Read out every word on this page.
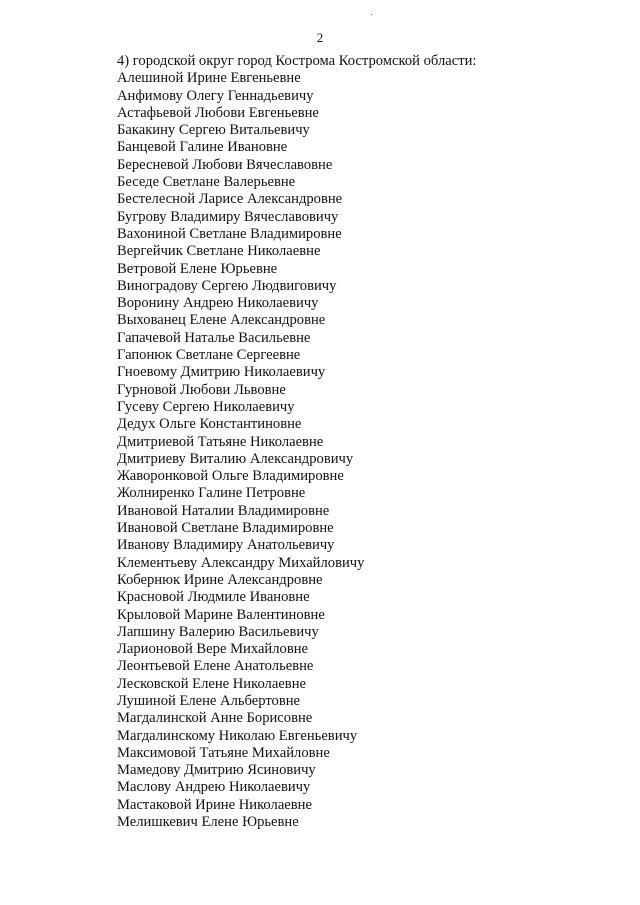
2
4) городской округ город Кострома Костромской области:
Алешиной Ирине Евгеньевне
Анфимову Олегу Геннадьевичу
Астафьевой Любови Евгеньевне
Бакакину Сергею Витальевичу
Банцевой Галине Ивановне
Бересневой Любови Вячеславовне
Беседе Светлане Валерьевне
Бестелесной Ларисе Александровне
Бугрову Владимиру Вячеславовичу
Вахониной Светлане Владимировне
Вергейчик Светлане Николаевне
Ветровой Елене Юрьевне
Виноградову Сергею Людвиговичу
Воронину Андрею Николаевичу
Выхованец Елене Александровне
Гапачевой Наталье Васильевне
Гапонюк Светлане Сергеевне
Гноевому Дмитрию Николаевичу
Гурновой Любови Львовне
Гусеву Сергею Николаевичу
Дедух Ольге Константиновне
Дмитриевой Татьяне Николаевне
Дмитриеву Виталию Александровичу
Жаворонковой Ольге Владимировне
Жолниренко Галине Петровне
Ивановой Наталии Владимировне
Ивановой Светлане Владимировне
Иванову Владимиру Анатольевичу
Клементьеву Александру Михайловичу
Кобернюк Ирине Александровне
Красновой Людмиле Ивановне
Крыловой Марине Валентиновне
Лапшину Валерию Васильевичу
Ларионовой Вере Михайловне
Леонтьевой Елене Анатольевне
Лесковской Елене Николаевне
Лушиной Елене Альбертовне
Магдалинской Анне Борисовне
Магдалинскому Николаю Евгеньевичу
Максимовой Татьяне Михайловне
Мамедову Дмитрию Ясиновичу
Маслову Андрею Николаевичу
Мастаковой Ирине Николаевне
Мелишкевич Елене Юрьевне
